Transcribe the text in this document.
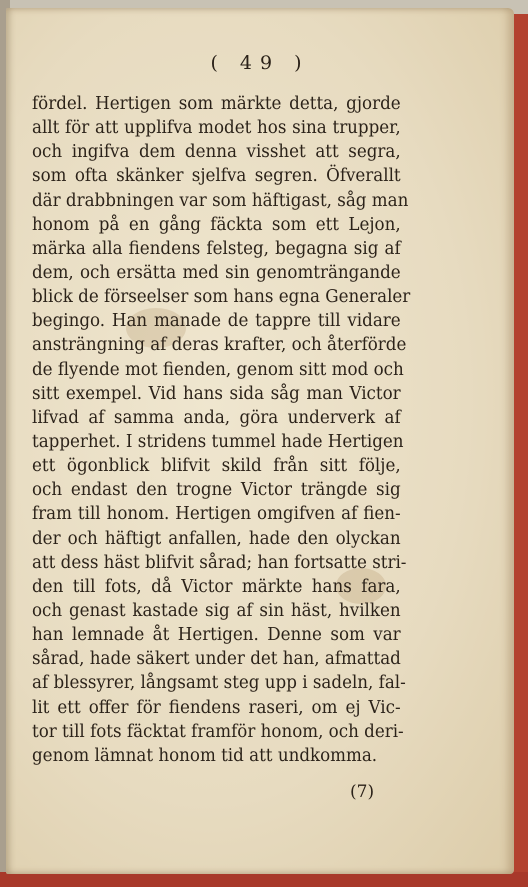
( 49 )
fördel. Hertigen som märkte detta, gjorde
allt för att upplifva modet hos sina trupper,
och ingifva dem denna visshet att segra,
som ofta skänker sjelfva segren. Öfverallt
där drabbningen var som häftigast, såg man
honom på en gång fäckta som ett Lejon,
märka alla fiendens felsteg, begagna sig af
dem, och ersätta med sin genomträngande
blick de förseelser som hans egna Generaler
begingo. Han manade de tappre till vidare
ansträngning af deras krafter, och återförde
de flyende mot fienden, genom sitt mod och
sitt exempel. Vid hans sida såg man Victor
lifvad af samma anda, göra underverk af
tapperhet. I stridens tummel hade Hertigen
ett ögonblick blifvit skild från sitt följe,
och endast den trogne Victor trängde sig
fram till honom. Hertigen omgifven af fien-
der och häftigt anfallen, hade den olyckan
att dess häst blifvit sårad; han fortsatte stri-
den till fots, då Victor märkte hans fara,
och genast kastade sig af sin häst, hvilken
han lemnade åt Hertigen. Denne som var
sårad, hade säkert under det han, afmattad
af blessyrer, långsamt steg upp i sadeln, fal-
lit ett offer för fiendens raseri, om ej Vic-
tor till fots fäcktat framför honom, och deri-
genom lämnat honom tid att undkomma.
(7)
